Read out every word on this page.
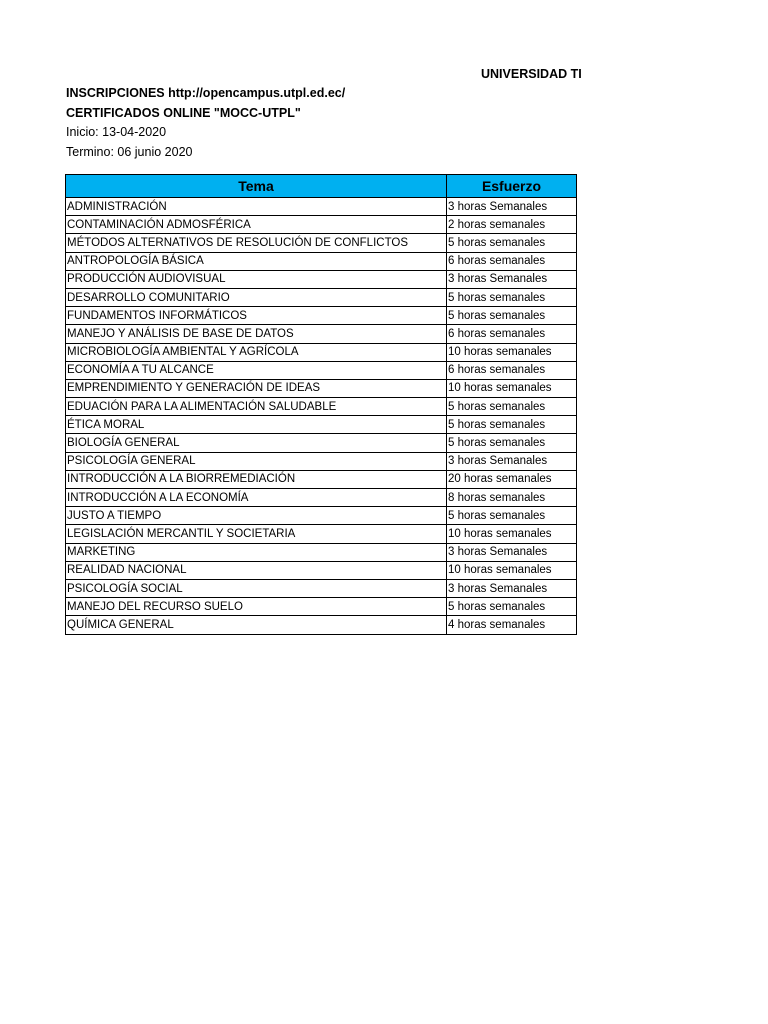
UNIVERSIDAD TI
INSCRIPCIONES http://opencampus.utpl.ed.ec/
CERTIFICADOS ONLINE "MOCC-UTPL"
Inicio: 13-04-2020
Termino: 06 junio 2020
Tema	Esfuerzo
ADMINISTRACIÓN	3 horas Semanales
CONTAMINACIÓN ADMOSFÉRICA	2 horas semanales
MÉTODOS ALTERNATIVOS DE RESOLUCIÓN DE CONFLICTOS	5 horas semanales
ANTROPOLOGÍA BÁSICA	6 horas semanales
PRODUCCIÓN AUDIOVISUAL	3 horas Semanales
DESARROLLO COMUNITARIO	5 horas semanales
FUNDAMENTOS INFORMÁTICOS	5 horas semanales
MANEJO Y ANÁLISIS DE BASE DE DATOS	6 horas semanales
MICROBIOLOGÍA AMBIENTAL Y AGRÍCOLA	10 horas semanales
ECONOMÍA A TU ALCANCE	6 horas semanales
EMPRENDIMIENTO Y GENERACIÓN DE IDEAS	10 horas semanales
EDUACIÓN PARA LA ALIMENTACIÓN SALUDABLE	5 horas semanales
ÉTICA MORAL	5 horas semanales
BIOLOGÍA GENERAL	5 horas semanales
PSICOLOGÍA GENERAL	3 horas Semanales
INTRODUCCIÓN A LA BIORREMEDIACIÓN	20 horas semanales
INTRODUCCIÓN A LA ECONOMÍA	8 horas semanales
JUSTO A TIEMPO	5 horas semanales
LEGISLACIÓN MERCANTIL Y SOCIETARIA	10 horas semanales
MARKETING	3 horas Semanales
REALIDAD NACIONAL	10 horas semanales
PSICOLOGÍA SOCIAL	3 horas Semanales
MANEJO DEL RECURSO SUELO	5 horas semanales
QUÍMICA GENERAL	4 horas semanales
